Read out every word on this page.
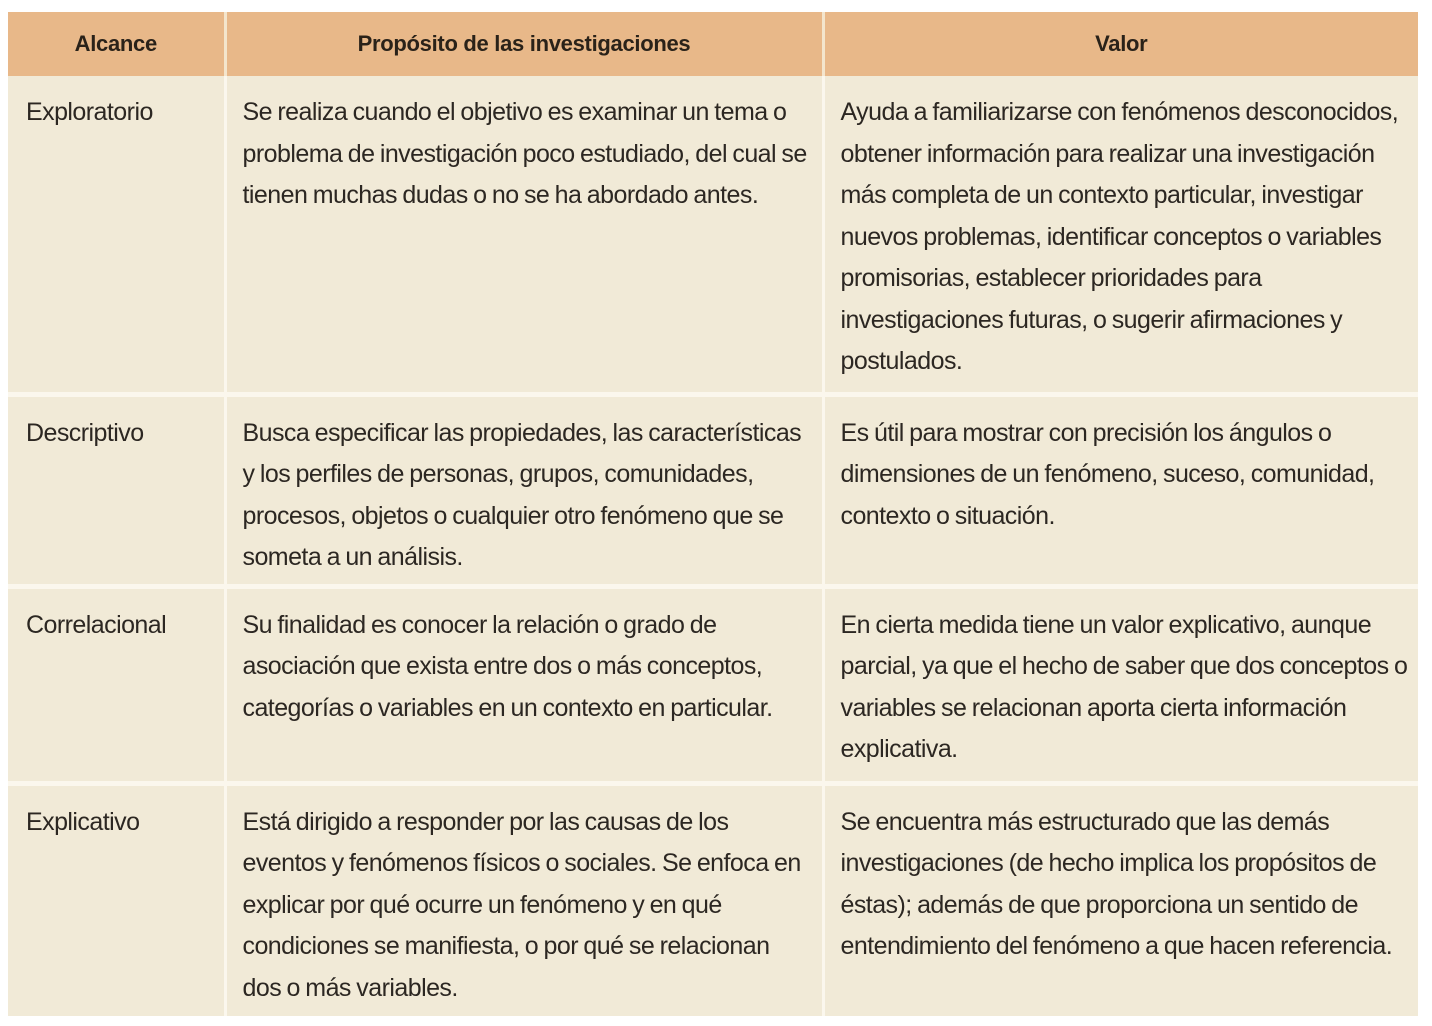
Alcance	Propósito de las investigaciones	Valor
Exploratorio	Se realiza cuando el objetivo es examinar un tema o problema de investigación poco estudiado, del cual se tienen muchas dudas o no se ha abordado antes.	Ayuda a familiarizarse con fenómenos desconocidos, obtener información para realizar una investigación más completa de un contexto particular, investigar nuevos problemas, identificar conceptos o variables promisorias, establecer prioridades para investigaciones futuras, o sugerir afirmaciones y postulados.
Descriptivo	Busca especificar las propiedades, las características y los perfiles de personas, grupos, comunidades, procesos, objetos o cualquier otro fenómeno que se someta a un análisis.	Es útil para mostrar con precisión los ángulos o dimensiones de un fenómeno, suceso, comunidad, contexto o situación.
Correlacional	Su finalidad es conocer la relación o grado de asociación que exista entre dos o más conceptos, categorías o variables en un contexto en particular.	En cierta medida tiene un valor explicativo, aunque parcial, ya que el hecho de saber que dos conceptos o variables se relacionan aporta cierta información explicativa.
Explicativo	Está dirigido a responder por las causas de los eventos y fenómenos físicos o sociales. Se enfoca en explicar por qué ocurre un fenómeno y en qué condiciones se manifiesta, o por qué se relacionan dos o más variables.	Se encuentra más estructurado que las demás investigaciones (de hecho implica los propósitos de éstas); además de que proporciona un sentido de entendimiento del fenómeno a que hacen referencia.
